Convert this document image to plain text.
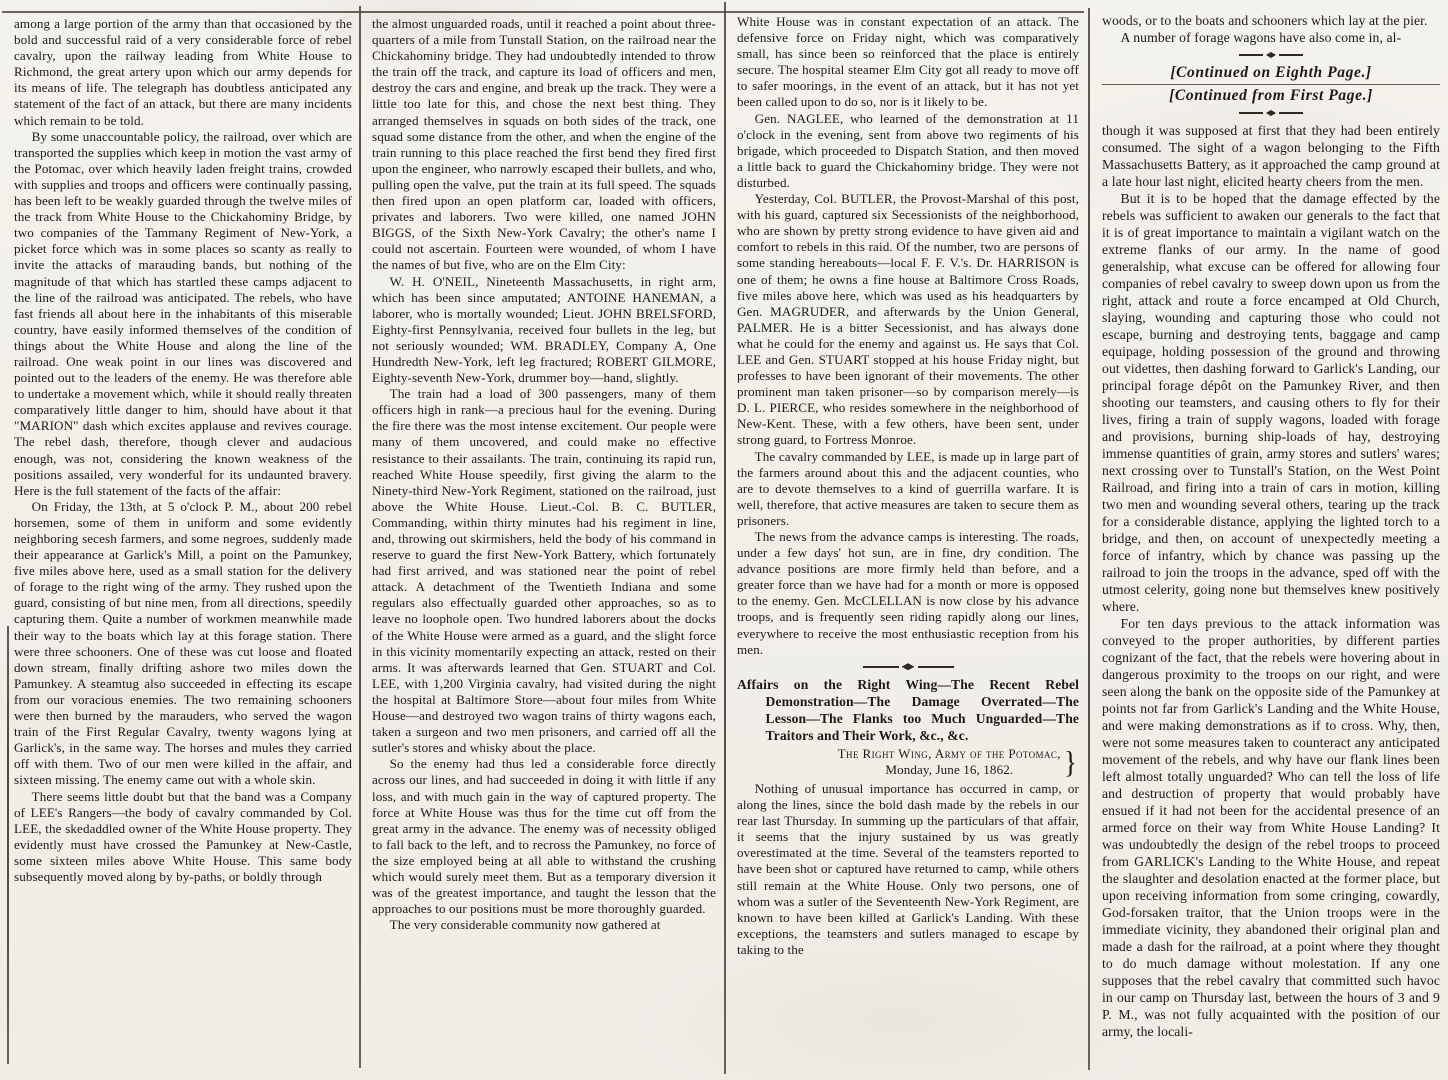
among a large portion of the army than that occasioned by the bold and successful raid of a very considerable force of rebel cavalry, upon the railway leading from White House to Richmond, the great artery upon which our army depends for its means of life. The telegraph has doubtless anticipated any statement of the fact of an attack, but there are many incidents which remain to be told.

By some unaccountable policy, the railroad, over which are transported the supplies which keep in motion the vast army of the Potomac, over which heavily laden freight trains, crowded with supplies and troops and officers were continually passing, has been left to be weakly guarded through the twelve miles of the track from White House to the Chickahominy Bridge, by two companies of the Tammany Regiment of New-York, a picket force which was in some places so scanty as really to invite the attacks of marauding bands, but nothing of the magnitude of that which has startled these camps adjacent to the line of the railroad was anticipated. The rebels, who have fast friends all about here in the inhabitants of this miserable country, have easily informed themselves of the condition of things about the White House and along the line of the railroad. One weak point in our lines was discovered and pointed out to the leaders of the enemy. He was therefore able to undertake a movement which, while it should really threaten comparatively little danger to him, should have about it that "MARION" dash which excites applause and revives courage. The rebel dash, therefore, though clever and audacious enough, was not, considering the known weakness of the positions assailed, very wonderful for its undaunted bravery. Here is the full statement of the facts of the affair:

On Friday, the 13th, at 5 o'clock P. M., about 200 rebel horsemen, some of them in uniform and some evidently neighboring secesh farmers, and some negroes, suddenly made their appearance at Garlick's Mill, a point on the Pamunkey, five miles above here, used as a small station for the delivery of forage to the right wing of the army. They rushed upon the guard, consisting of but nine men, from all directions, speedily capturing them. Quite a number of workmen meanwhile made their way to the boats which lay at this forage station. There were three schooners. One of these was cut loose and floated down stream, finally drifting ashore two miles down the Pamunkey. A steamtug also succeeded in effecting its escape from our voracious enemies. The two remaining schooners were then burned by the marauders, who served the wagon train of the First Regular Cavalry, twenty wagons lying at Garlick's, in the same way. The horses and mules they carried off with them. Two of our men were killed in the affair, and sixteen missing. The enemy came out with a whole skin.

There seems little doubt but that the band was a Company of LEE's Rangers—the body of cavalry commanded by Col. LEE, the skedaddled owner of the White House property. They evidently must have crossed the Pamunkey at New-Castle, some sixteen miles above White House. This same body subsequently moved along by by-paths, or boldly through

the almost unguarded roads, until it reached a point about three-quarters of a mile from Tunstall Station, on the railroad near the Chickahominy bridge. They had undoubtedly intended to throw the train off the track, and capture its load of officers and men, destroy the cars and engine, and break up the track. They were a little too late for this, and chose the next best thing. They arranged themselves in squads on both sides of the track, one squad some distance from the other, and when the engine of the train running to this place reached the first bend they fired first upon the engineer, who narrowly escaped their bullets, and who, pulling open the valve, put the train at its full speed. The squads then fired upon an open platform car, loaded with officers, privates and laborers. Two were killed, one named JOHN BIGGS, of the Sixth New-York Cavalry; the other's name I could not ascertain. Fourteen were wounded, of whom I have the names of but five, who are on the Elm City:

W. H. O'NEIL, Nineteenth Massachusetts, in right arm, which has been since amputated; ANTOINE HANEMAN, a laborer, who is mortally wounded; Lieut. JOHN BRELSFORD, Eighty-first Pennsylvania, received four bullets in the leg, but not seriously wounded; WM. BRADLEY, Company A, One Hundredth New-York, left leg fractured; ROBERT GILMORE, Eighty-seventh New-York, drummer boy—hand, slightly.

The train had a load of 300 passengers, many of them officers high in rank—a precious haul for the evening. During the fire there was the most intense excitement. Our people were many of them uncovered, and could make no effective resistance to their assailants. The train, continuing its rapid run, reached White House speedily, first giving the alarm to the Ninety-third New-York Regiment, stationed on the railroad, just above the White House. Lieut.-Col. B. C. BUTLER, Commanding, within thirty minutes had his regiment in line, and, throwing out skirmishers, held the body of his command in reserve to guard the first New-York Battery, which fortunately had first arrived, and was stationed near the point of rebel attack. A detachment of the Twentieth Indiana and some regulars also effectually guarded other approaches, so as to leave no loophole open. Two hundred laborers about the docks of the White House were armed as a guard, and the slight force in this vicinity momentarily expecting an attack, rested on their arms. It was afterwards learned that Gen. STUART and Col. LEE, with 1,200 Virginia cavalry, had visited during the night the hospital at Baltimore Store—about four miles from White House—and destroyed two wagon trains of thirty wagons each, taken a surgeon and two men prisoners, and carried off all the sutler's stores and whisky about the place.

So the enemy had thus led a considerable force directly across our lines, and had succeeded in doing it with little if any loss, and with much gain in the way of captured property. The force at White House was thus for the time cut off from the great army in the advance. The enemy was of necessity obliged to fall back to the left, and to recross the Pamunkey, no force of the size employed being at all able to withstand the crushing which would surely meet them. But as a temporary diversion it was of the greatest importance, and taught the lesson that the approaches to our positions must be more thoroughly guarded.

The very considerable community now gathered at

White House was in constant expectation of an attack. The defensive force on Friday night, which was comparatively small, has since been so reinforced that the place is entirely secure. The hospital steamer Elm City got all ready to move off to safer moorings, in the event of an attack, but it has not yet been called upon to do so, nor is it likely to be.

Gen. NAGLEE, who learned of the demonstration at 11 o'clock in the evening, sent from above two regiments of his brigade, which proceeded to Dispatch Station, and then moved a little back to guard the Chickahominy bridge. They were not disturbed.

Yesterday, Col. BUTLER, the Provost-Marshal of this post, with his guard, captured six Secessionists of the neighborhood, who are shown by pretty strong evidence to have given aid and comfort to rebels in this raid. Of the number, two are persons of some standing hereabouts—local F. F. V.'s. Dr. HARRISON is one of them; he owns a fine house at Baltimore Cross Roads, five miles above here, which was used as his headquarters by Gen. MAGRUDER, and afterwards by the Union General, PALMER. He is a bitter Secessionist, and has always done what he could for the enemy and against us. He says that Col. LEE and Gen. STUART stopped at his house Friday night, but professes to have been ignorant of their movements. The other prominent man taken prisoner—so by comparison merely—is D. L. PIERCE, who resides somewhere in the neighborhood of New-Kent. These, with a few others, have been sent, under strong guard, to Fortress Monroe.

The cavalry commanded by LEE, is made up in large part of the farmers around about this and the adjacent counties, who are to devote themselves to a kind of guerrilla warfare. It is well, therefore, that active measures are taken to secure them as prisoners.

The news from the advance camps is interesting. The roads, under a few days' hot sun, are in fine, dry condition. The advance positions are more firmly held than before, and a greater force than we have had for a month or more is opposed to the enemy. Gen. McCLELLAN is now close by his advance troops, and is frequently seen riding rapidly along our lines, everywhere to receive the most enthusiastic reception from his men.

Affairs on the Right Wing—The Recent Rebel Demonstration—The Damage Overrated—The Lesson—The Flanks too Much Unguarded—The Traitors and Their Work, &c., &c.
The Right Wing, Army of the Potomac,
Monday, June 16, 1862. }

Nothing of unusual importance has occurred in camp, or along the lines, since the bold dash made by the rebels in our rear last Thursday. In summing up the particulars of that affair, it seems that the injury sustained by us was greatly overestimated at the time. Several of the teamsters reported to have been shot or captured have returned to camp, while others still remain at the White House. Only two persons, one of whom was a sutler of the Seventeenth New-York Regiment, are known to have been killed at Garlick's Landing. With these exceptions, the teamsters and sutlers managed to escape by taking to the

woods, or to the boats and schooners which lay at the pier.

A number of forage wagons have also come in, al-

[Continued on Eighth Page.]
[Continued from First Page.]

though it was supposed at first that they had been entirely consumed. The sight of a wagon belonging to the Fifth Massachusetts Battery, as it approached the camp ground at a late hour last night, elicited hearty cheers from the men.

But it is to be hoped that the damage effected by the rebels was sufficient to awaken our generals to the fact that it is of great importance to maintain a vigilant watch on the extreme flanks of our army. In the name of good generalship, what excuse can be offered for allowing four companies of rebel cavalry to sweep down upon us from the right, attack and route a force encamped at Old Church, slaying, wounding and capturing those who could not escape, burning and destroying tents, baggage and camp equipage, holding possession of the ground and throwing out videttes, then dashing forward to Garlick's Landing, our principal forage dépôt on the Pamunkey River, and then shooting our teamsters, and causing others to fly for their lives, firing a train of supply wagons, loaded with forage and provisions, burning ship-loads of hay, destroying immense quantities of grain, army stores and sutlers' wares; next crossing over to Tunstall's Station, on the West Point Railroad, and firing into a train of cars in motion, killing two men and wounding several others, tearing up the track for a considerable distance, applying the lighted torch to a bridge, and then, on account of unexpectedly meeting a force of infantry, which by chance was passing up the railroad to join the troops in the advance, sped off with the utmost celerity, going none but themselves knew positively where.

For ten days previous to the attack information was conveyed to the proper authorities, by different parties cognizant of the fact, that the rebels were hovering about in dangerous proximity to the troops on our right, and were seen along the bank on the opposite side of the Pamunkey at points not far from Garlick's Landing and the White House, and were making demonstrations as if to cross. Why, then, were not some measures taken to counteract any anticipated movement of the rebels, and why have our flank lines been left almost totally unguarded? Who can tell the loss of life and destruction of property that would probably have ensued if it had not been for the accidental presence of an armed force on their way from White House Landing? It was undoubtedly the design of the rebel troops to proceed from GARLICK's Landing to the White House, and repeat the slaughter and desolation enacted at the former place, but upon receiving information from some cringing, cowardly, God-forsaken traitor, that the Union troops were in the immediate vicinity, they abandoned their original plan and made a dash for the railroad, at a point where they thought to do much damage without molestation. If any one supposes that the rebel cavalry that committed such havoc in our camp on Thursday last, between the hours of 3 and 9 P. M., was not fully acquainted with the position of our army, the locali-
